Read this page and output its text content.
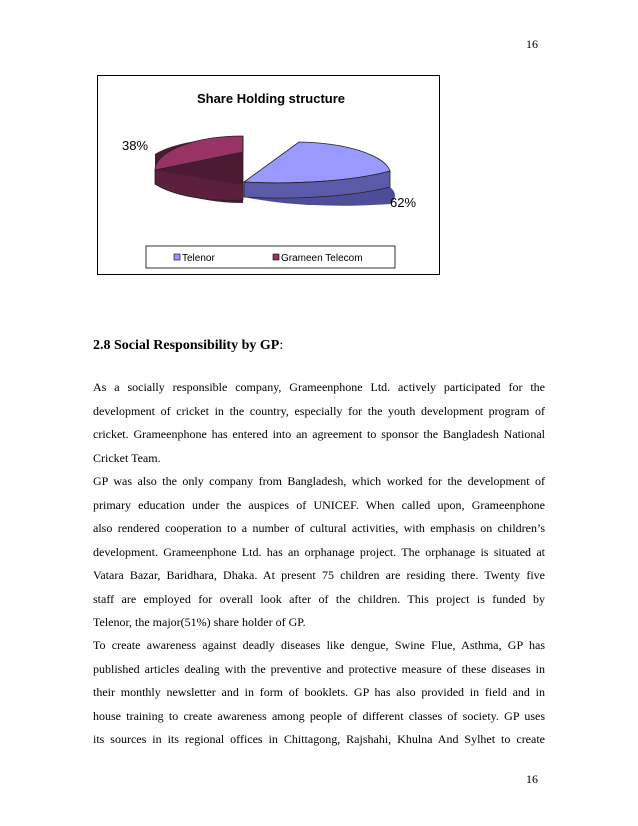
16
Share Holding structure
38%
62%
Telenor	Grameen Telecom
2.8 Social Responsibility by GP:
As a socially responsible company, Grameenphone Ltd. actively participated for the
development of cricket in the country, especially for the youth development program of
cricket. Grameenphone has entered into an agreement to sponsor the Bangladesh National
Cricket Team.
GP was also the only company from Bangladesh, which worked for the development of
primary education under the auspices of UNICEF. When called upon, Grameenphone
also rendered cooperation to a number of cultural activities, with emphasis on children’s
development. Grameenphone Ltd. has an orphanage project. The orphanage is situated at
Vatara Bazar, Baridhara, Dhaka. At present 75 children are residing there. Twenty five
staff are employed for overall look after of the children. This project is funded by
Telenor, the major(51%) share holder of GP.
To create awareness against deadly diseases like dengue, Swine Flue, Asthma, GP has
published articles dealing with the preventive and protective measure of these diseases in
their monthly newsletter and in form of booklets. GP has also provided in field and in
house training to create awareness among people of different classes of society. GP uses
its sources in its regional offices in Chittagong, Rajshahi, Khulna And Sylhet to create
16
